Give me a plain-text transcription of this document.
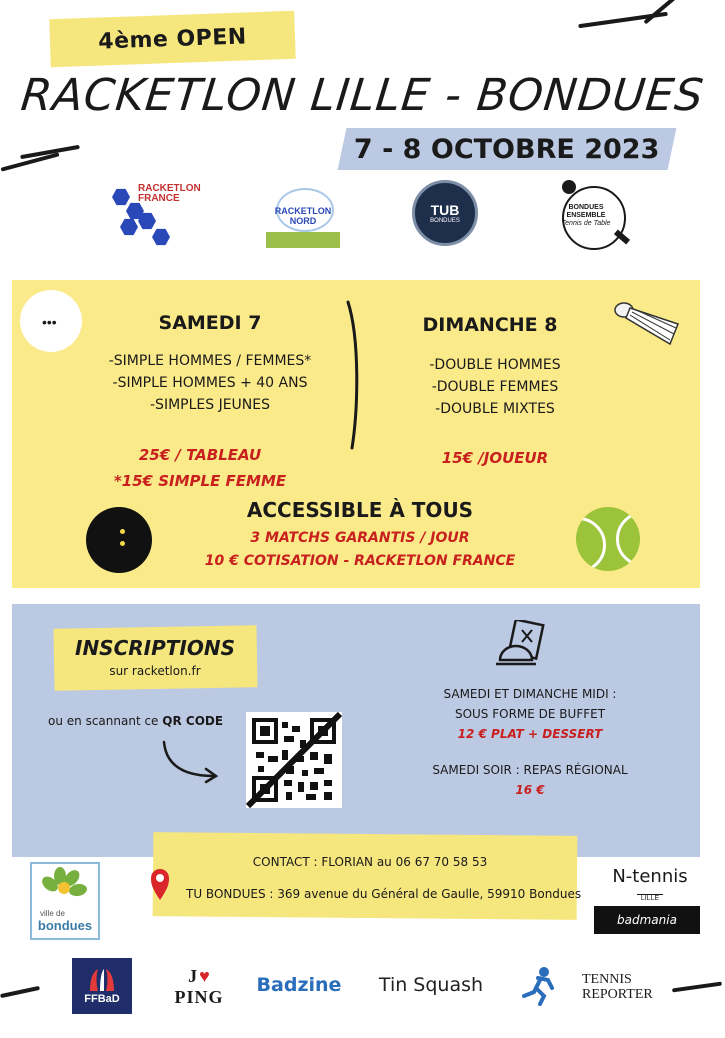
4ème OPEN
RACKETLON LILLE - BONDUES
7 - 8 OCTOBRE 2023
RACKETLON
FRANCE
RACKETLON NORD
TUB
BONDUES
BONDUES
ENSEMBLE
Tennis de Table
•••	SAMEDI 7
-SIMPLE HOMMES / FEMMES*
-SIMPLE HOMMES + 40 ANS
-SIMPLES JEUNES
25€ / TABLEAU
*15€ SIMPLE FEMME
DIMANCHE 8
-DOUBLE HOMMES
-DOUBLE FEMMES
-DOUBLE MIXTES
15€ /JOUEUR
ACCESSIBLE À TOUS
3 MATCHS GARANTIS / JOUR
10 € COTISATION - RACKETLON FRANCE
INSCRIPTIONS
sur racketlon.fr
ou en scannant ce QR CODE
SAMEDI ET DIMANCHE MIDI :
SOUS FORME DE BUFFET
12 € PLAT + DESSERT
SAMEDI SOIR : REPAS RÉGIONAL
16 €
CONTACT : FLORIAN au 06 67 70 58 53
TU BONDUES : 369 avenue du Général de Gaulle, 59910 Bondues
ville de
bondues
N-tennis
LILLE
badmania
FFBaD
J ♥
PING
Badzine Tin Squash	TENNIS
REPORTER
